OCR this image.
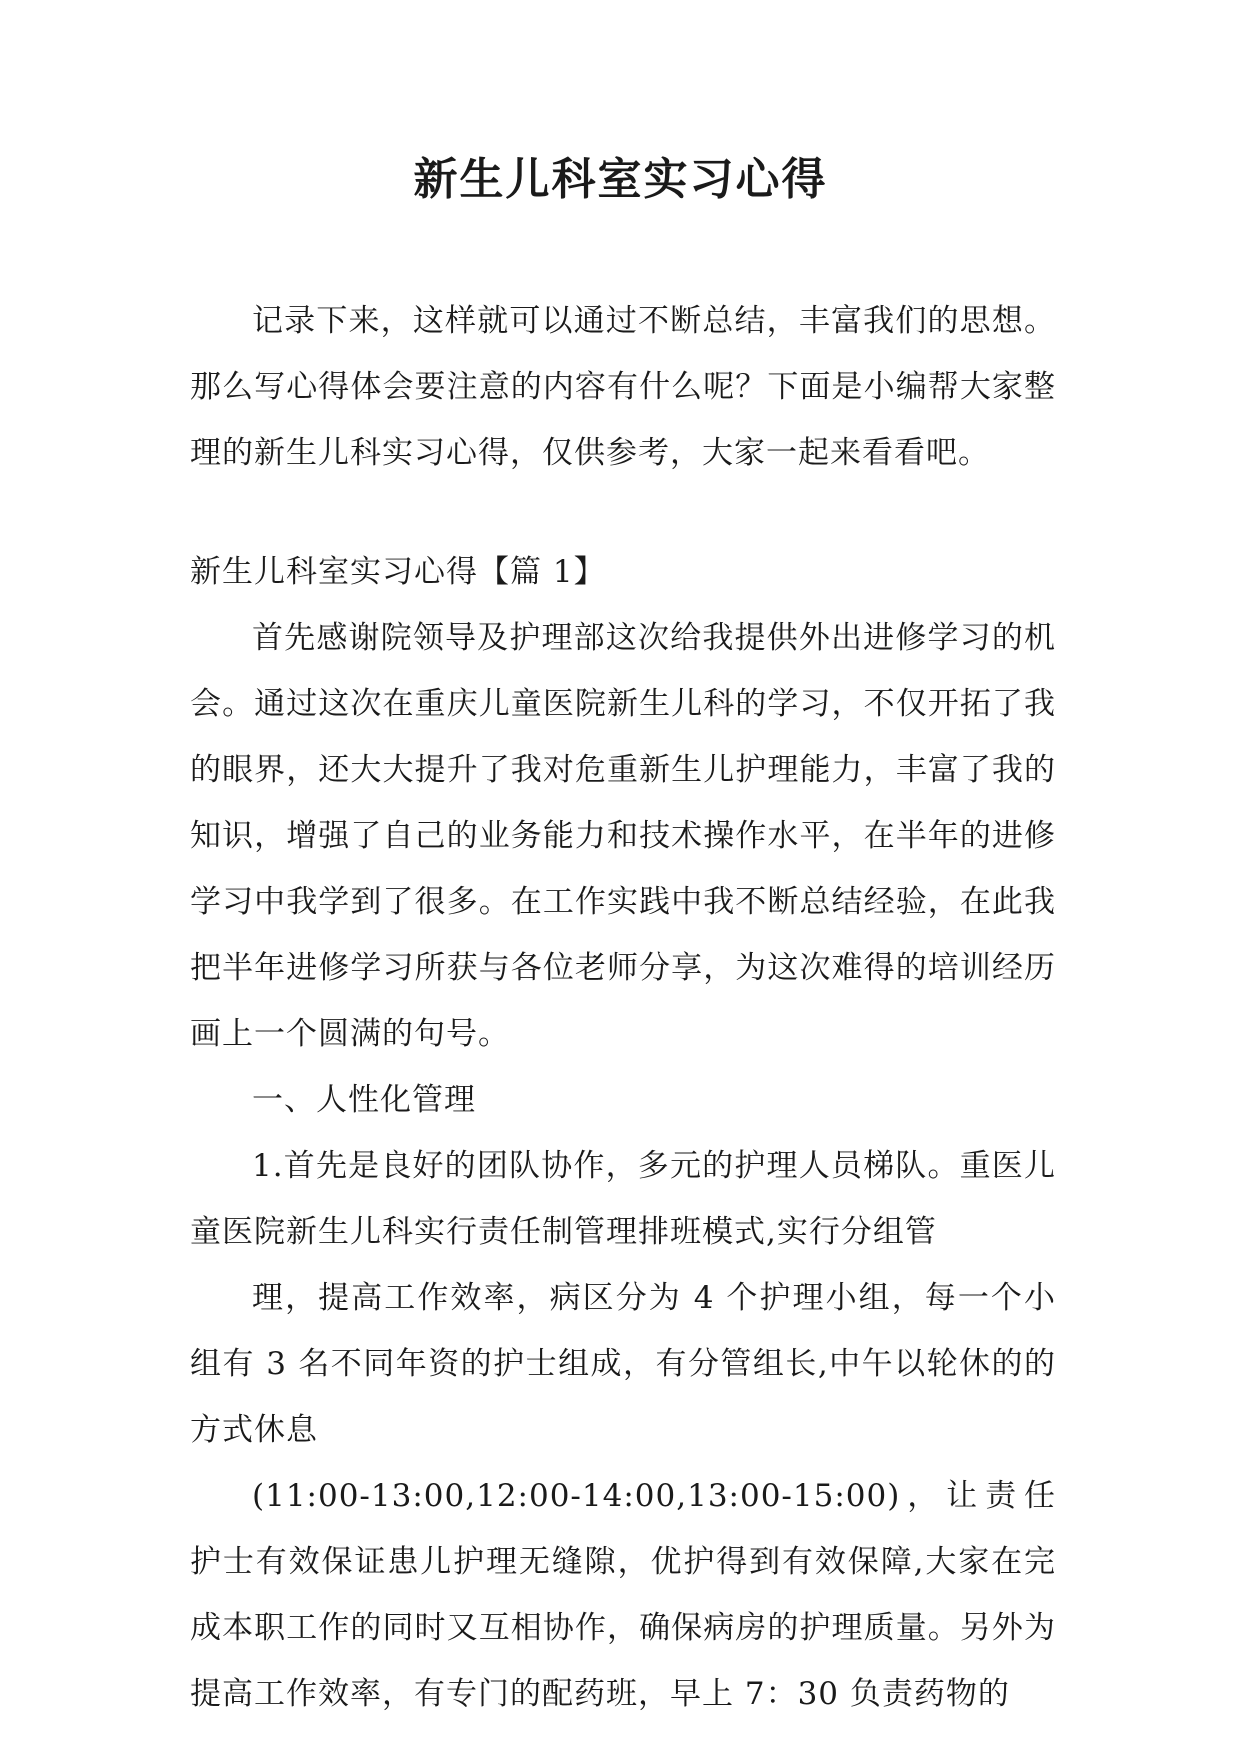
新生儿科室实习心得

记录下来，这样就可以通过不断总结，丰富我们的思想。那么写心得体会要注意的内容有什么呢？下面是小编帮大家整理的新生儿科实习心得，仅供参考，大家一起来看看吧。

新生儿科室实习心得【篇 1】

首先感谢院领导及护理部这次给我提供外出进修学习的机会。通过这次在重庆儿童医院新生儿科的学习，不仅开拓了我的眼界，还大大提升了我对危重新生儿护理能力，丰富了我的知识，增强了自己的业务能力和技术操作水平，在半年的进修学习中我学到了很多。在工作实践中我不断总结经验，在此我把半年进修学习所获与各位老师分享，为这次难得的培训经历画上一个圆满的句号。

一、人性化管理

1.首先是良好的团队协作，多元的护理人员梯队。重医儿童医院新生儿科实行责任制管理排班模式,实行分组管

理，提高工作效率，病区分为 4 个护理小组，每一个小组有 3 名不同年资的护士组成，有分管组长,中午以轮休的的方式休息

(11:00-13:00,12:00-14:00,13:00-15:00)，让责任护士有效保证患儿护理无缝隙，优护得到有效保障,大家在完成本职工作的同时又互相协作，确保病房的护理质量。另外为提高工作效率，有专门的配药班，早上 7：30 负责药物的
